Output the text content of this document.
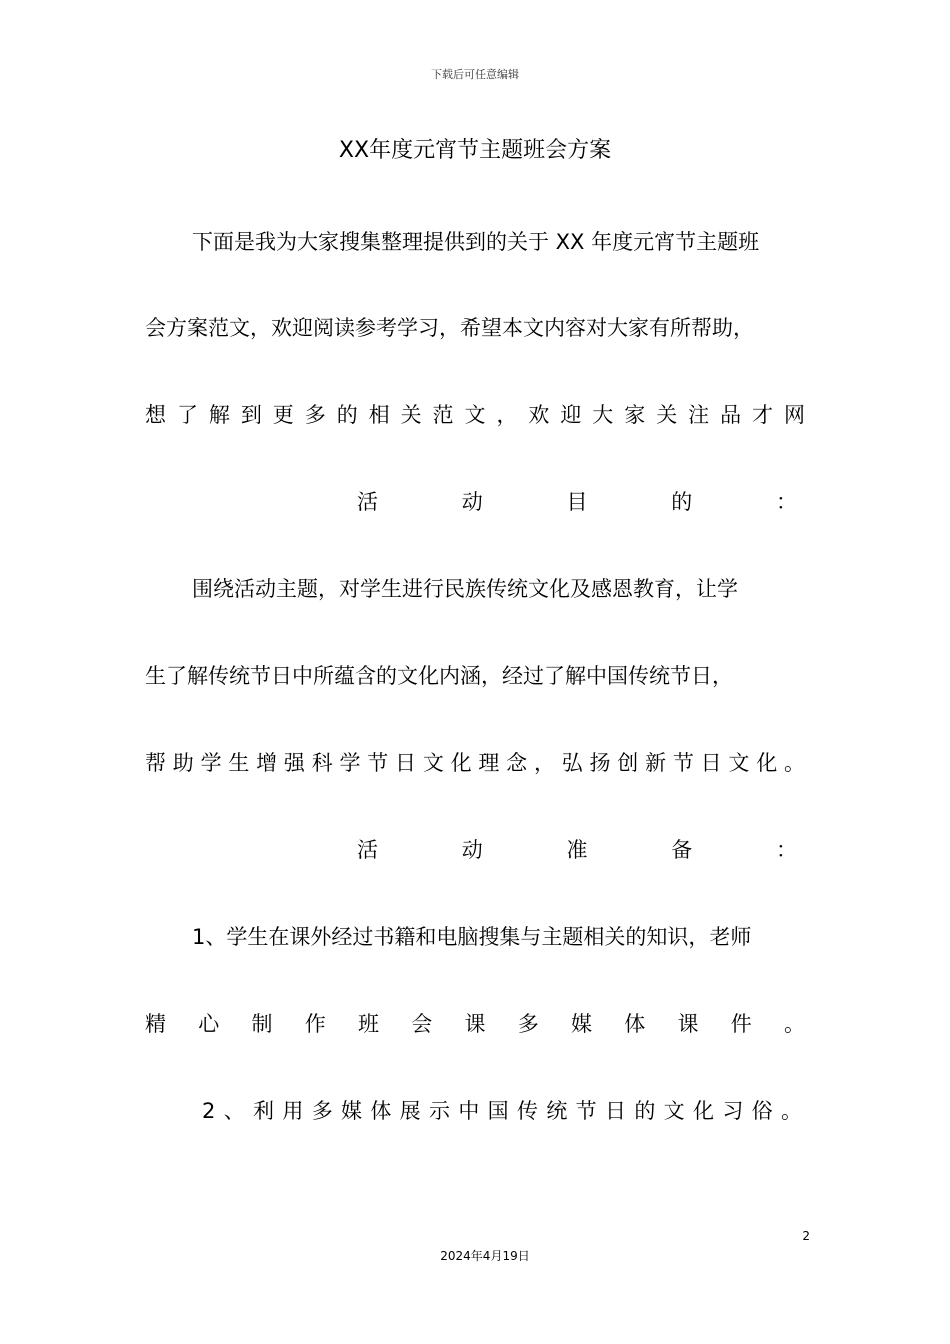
下载后可任意编辑
XX年度元宵节主题班会方案
下面是我为大家搜集整理提供到的关于 XX 年度元宵节主题班
会方案范文，欢迎阅读参考学习，希望本文内容对大家有所帮助，
想了解到更多的相关范文，欢迎大家关注品才网
活	动	目	的	：
围绕活动主题，对学生进行民族传统文化及感恩教育，让学
生了解传统节日中所蕴含的文化内涵，经过了解中国传统节日，
帮助学生增强科学节日文化理念，弘扬创新节日文化。
活	动	准	备	：
1、学生在课外经过书籍和电脑搜集与主题相关的知识，老师
精心制作班会课多媒体课件。
2、利用多媒体展示中国传统节日的文化习俗。
2
2024年4月19日
